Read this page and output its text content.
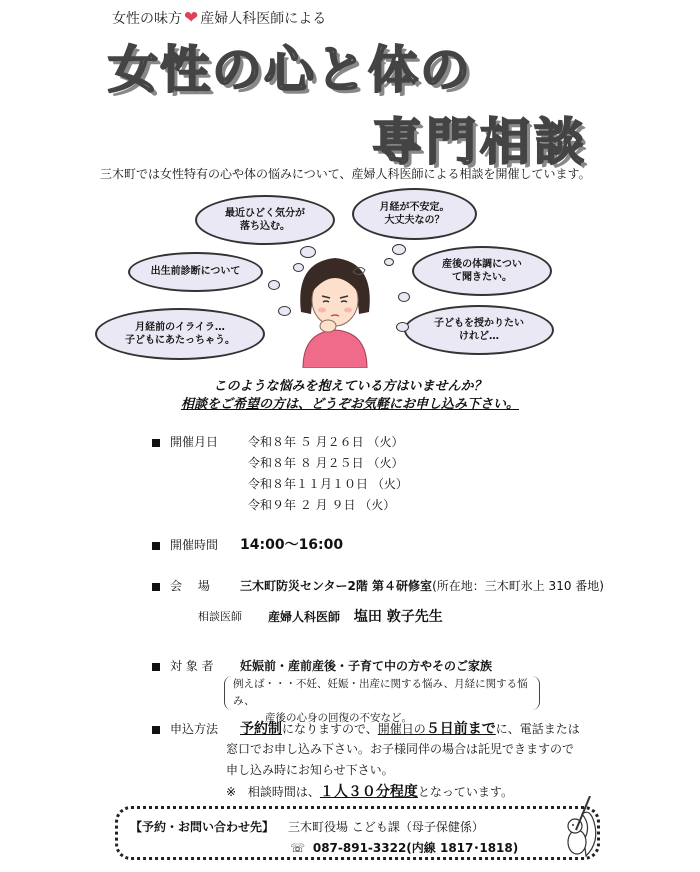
女性の味方 ❤ 産婦人科医師による
女性の心と体の
専門相談
三木町では女性特有の心や体の悩みについて、産婦人科医師による相談を開催しています。
最近ひどく気分が
落ち込む。
月経が不安定。
大丈夫なの？
出生前診断について
産後の体調につい
て聞きたい。
月経前のイライラ…
子どもにあたっちゃう。
子どもを授かりたい
けれど…
このような悩みを抱えている方はいませんか？
相談をご希望の方は、どうぞお気軽にお申し込み下さい。
開催月日 令和８年 ５ 月２６日 （火）
令和８年 ８ 月２５日 （火）
令和８年１１月１０日 （火）
令和９年 ２ 月 ９日 （火）
開催時間 14:00～16:00
会　 場	三木町防災センター2階 第４研修室(所在地：三木町氷上 310 番地)
相談医師 産婦人科医師 塩田 敦子先生
対 象 者 妊娠前・産前産後・子育て中の方やそのご家族
例えば・・・不妊、妊娠・出産に関する悩み、月経に関する悩み、
産後の心身の回復の不安など。
申込方法 予約制になりますので、開催日の５日前までに、電話または
窓口でお申し込み下さい。お子様同伴の場合は託児できますので
申し込み時にお知らせ下さい。
※ 相談時間は、１人３０分程度となっています。
【予約・お問い合わせ先】 三木町役場 こども課（母子保健係）
☏ 087-891-3322(内線 1817･1818)
